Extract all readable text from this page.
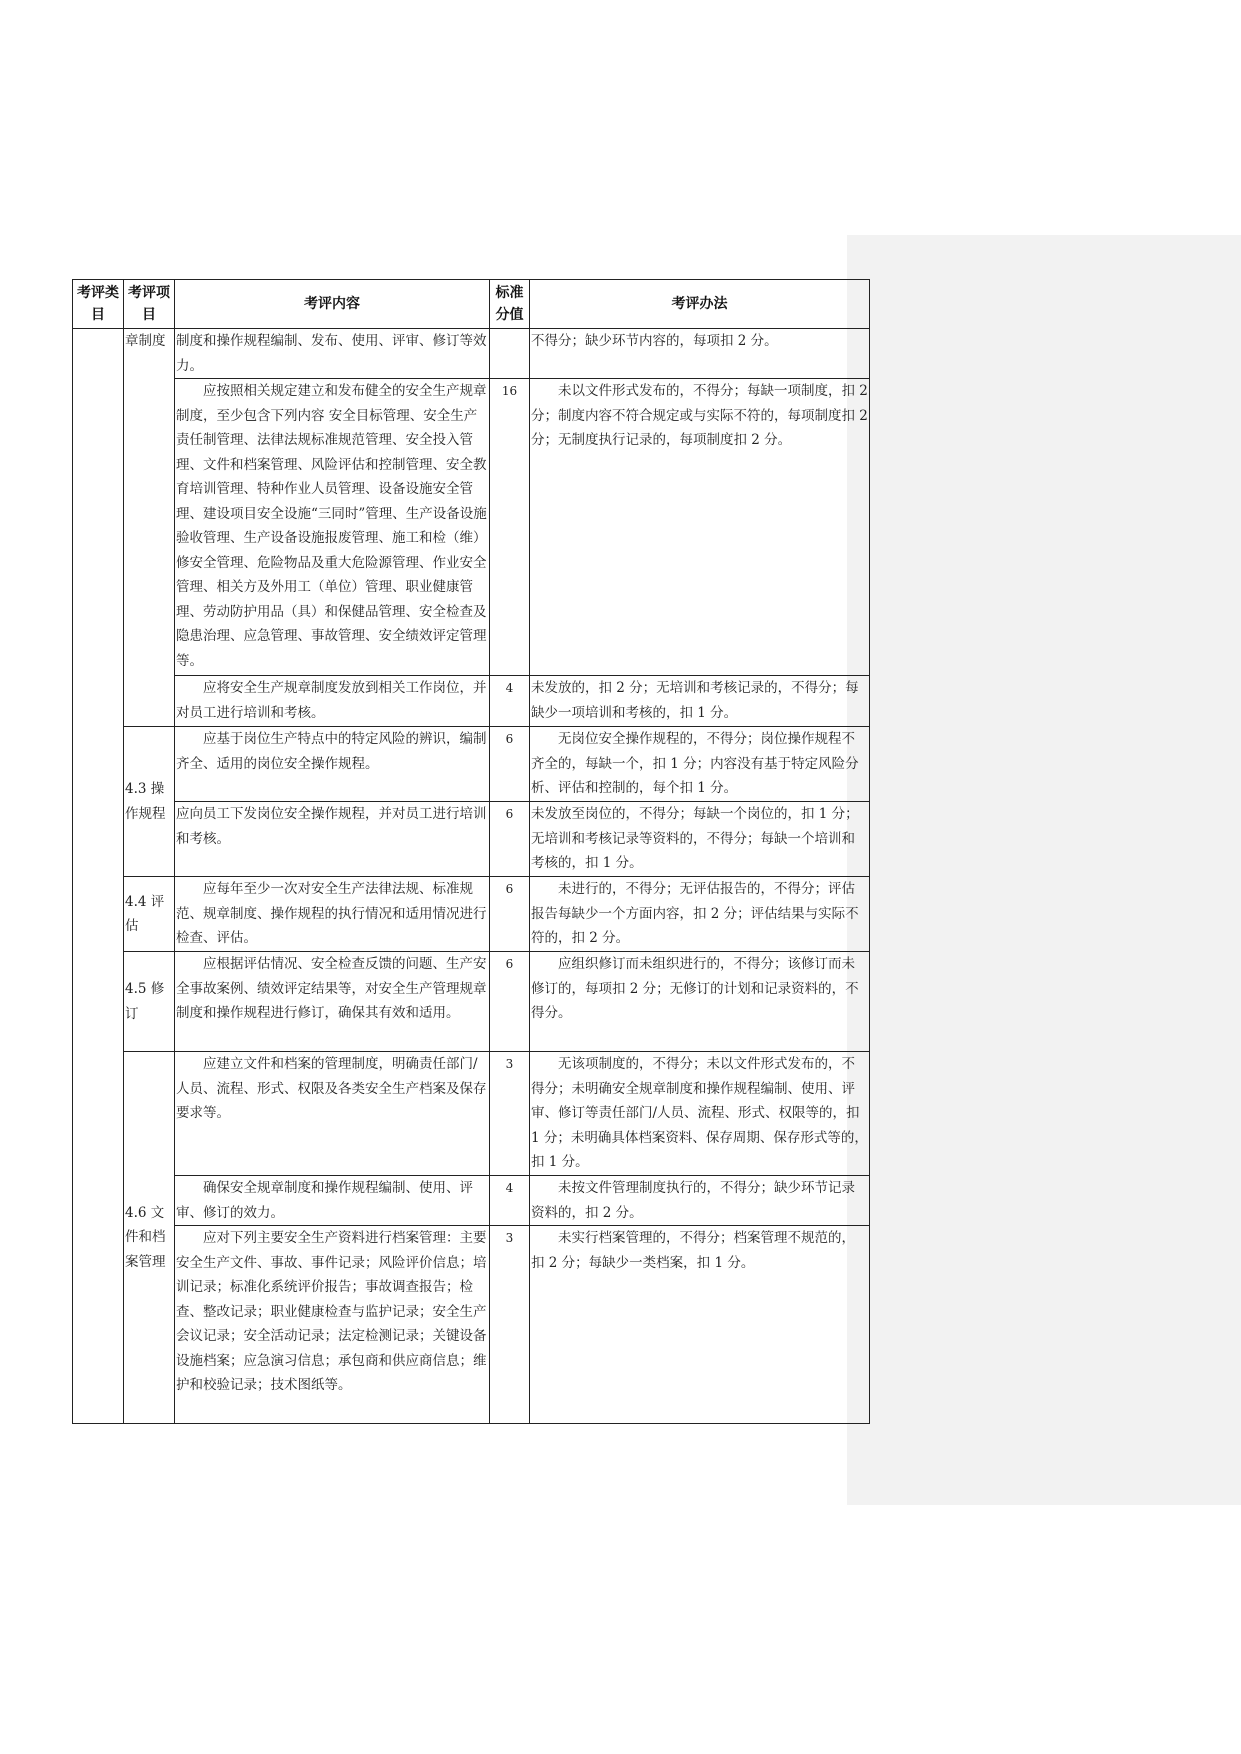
考评类目	考评项目	考评内容	标准分值	考评办法
	章制度	制度和操作规程编制、发布、使用、评审、修订等效力。		不得分；缺少环节内容的，每项扣 2 分。
		应按照相关规定建立和发布健全的安全生产规章制度，至少包含下列内容 安全目标管理、安全生产责任制管理、法律法规标准规范管理、安全投入管理、文件和档案管理、风险评估和控制管理、安全教育培训管理、特种作业人员管理、设备设施安全管理、建设项目安全设施“三同时”管理、生产设备设施验收管理、生产设备设施报废管理、施工和检（维）修安全管理、危险物品及重大危险源管理、作业安全管理、相关方及外用工（单位）管理、职业健康管理、劳动防护用品（具）和保健品管理、安全检查及隐患治理、应急管理、事故管理、安全绩效评定管理等。	16	未以文件形式发布的，不得分；每缺一项制度，扣 2 分；制度内容不符合规定或与实际不符的，每项制度扣 2 分；无制度执行记录的，每项制度扣 2 分。
		应将安全生产规章制度发放到相关工作岗位，并对员工进行培训和考核。	4	未发放的，扣 2 分；无培训和考核记录的，不得分；每缺少一项培训和考核的，扣 1 分。
	4.3 操作规程	应基于岗位生产特点中的特定风险的辨识，编制齐全、适用的岗位安全操作规程。	6	无岗位安全操作规程的，不得分；岗位操作规程不齐全的，每缺一个，扣 1 分；内容没有基于特定风险分析、评估和控制的，每个扣 1 分。
		应向员工下发岗位安全操作规程，并对员工进行培训和考核。	6	未发放至岗位的，不得分；每缺一个岗位的，扣 1 分；无培训和考核记录等资料的，不得分；每缺一个培训和考核的，扣 1 分。
	4.4 评估	应每年至少一次对安全生产法律法规、标准规范、规章制度、操作规程的执行情况和适用情况进行检查、评估。	6	未进行的，不得分；无评估报告的，不得分；评估报告每缺少一个方面内容，扣 2 分；评估结果与实际不符的，扣 2 分。
	4.5 修订	应根据评估情况、安全检查反馈的问题、生产安全事故案例、绩效评定结果等，对安全生产管理规章制度和操作规程进行修订，确保其有效和适用。	6	应组织修订而未组织进行的，不得分；该修订而未修订的，每项扣 2 分；无修订的计划和记录资料的，不得分。
	4.6 文件和档案管理	应建立文件和档案的管理制度，明确责任部门/人员、流程、形式、权限及各类安全生产档案及保存要求等。	3	无该项制度的，不得分；未以文件形式发布的，不得分；未明确安全规章制度和操作规程编制、使用、评审、修订等责任部门/人员、流程、形式、权限等的，扣 1 分；未明确具体档案资料、保存周期、保存形式等的，扣 1 分。
		确保安全规章制度和操作规程编制、使用、评审、修订的效力。	4	未按文件管理制度执行的，不得分；缺少环节记录资料的，扣 2 分。
		应对下列主要安全生产资料进行档案管理：主要安全生产文件、事故、事件记录；风险评价信息；培训记录；标准化系统评价报告；事故调查报告；检查、整改记录；职业健康检查与监护记录；安全生产会议记录；安全活动记录；法定检测记录；关键设备设施档案；应急演习信息；承包商和供应商信息；维护和校验记录；技术图纸等。	3	未实行档案管理的，不得分；档案管理不规范的，扣 2 分；每缺少一类档案，扣 1 分。
